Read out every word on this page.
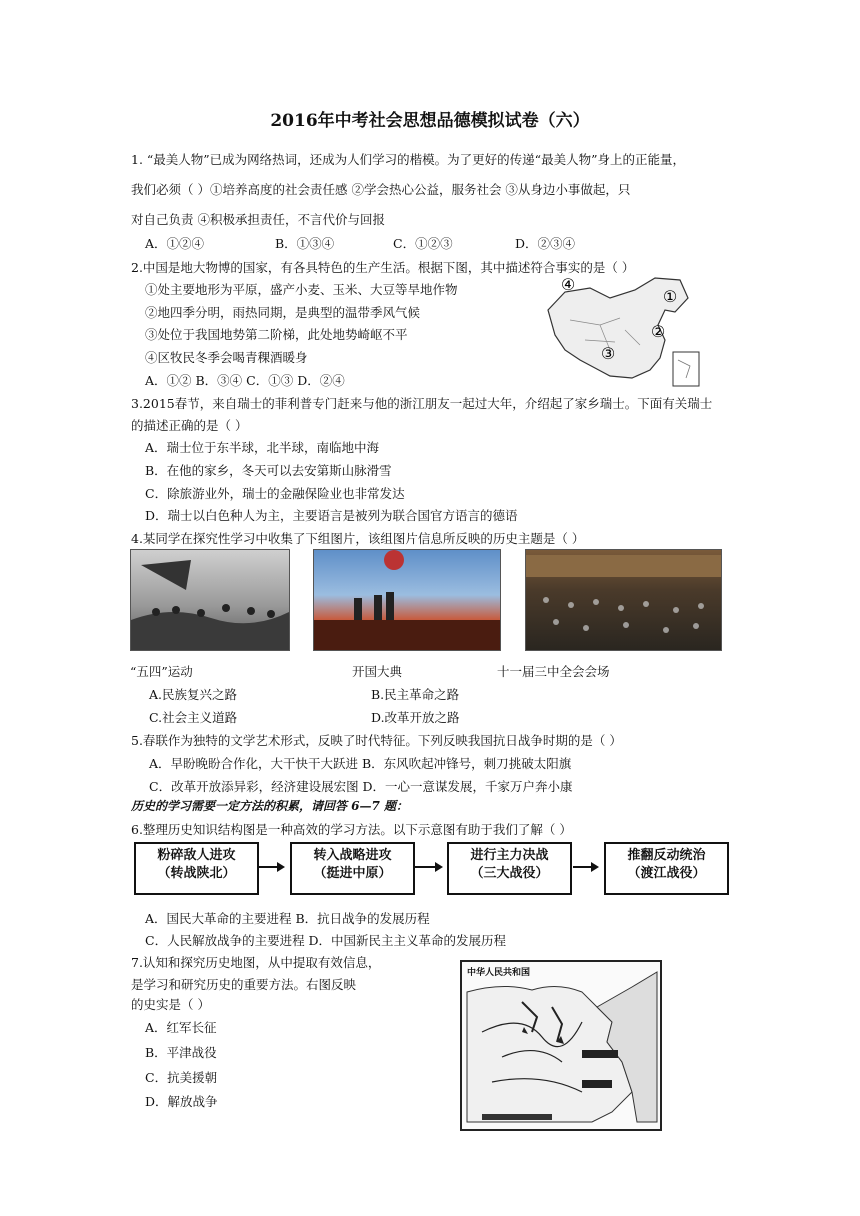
2016年中考社会思想品德模拟试卷（六）
1. “最美人物”已成为网络热词，还成为人们学习的楷模。为了更好的传递“最美人物”身上的正能量，
我们必须（ ）①培养高度的社会责任感 ②学会热心公益，服务社会 ③从身边小事做起，只
对自己负责 ④积极承担责任，不言代价与回报
A．①②④	B．①③④	C．①②③	D．②③④
2.中国是地大物博的国家，有各具特色的生产生活。根据下图，其中描述符合事实的是（ ）
①处主要地形为平原，盛产小麦、玉米、大豆等旱地作物
②地四季分明，雨热同期，是典型的温带季风气候
③处位于我国地势第二阶梯，此处地势崎岖不平
④区牧民冬季会喝青稞酒暖身
A．①② B．③④ C．①③ D．②④
④
①
②
③
3.2015春节，来自瑞士的菲利普专门赶来与他的浙江朋友一起过大年，介绍起了家乡瑞士。下面有关瑞士
的描述正确的是（ ）
A．瑞士位于东半球，北半球，南临地中海
B．在他的家乡，冬天可以去安第斯山脉滑雪
C．除旅游业外，瑞士的金融保险业也非常发达
D．瑞士以白色种人为主，主要语言是被列为联合国官方语言的德语
4.某同学在探究性学习中收集了下组图片，该组图片信息所反映的历史主题是（ ）
“五四”运动	开国大典	十一届三中全会会场
A.民族复兴之路	B.民主革命之路
C.社会主义道路	D.改革开放之路
5.春联作为独特的文学艺术形式，反映了时代特征。下列反映我国抗日战争时期的是（ ）
A．早盼晚盼合作化，大干快干大跃进 B．东风吹起冲锋号，刺刀挑破太阳旗
C．改革开放添异彩，经济建设展宏图 D．一心一意谋发展，千家万户奔小康
历史的学习需要一定方法的积累，请回答 6—7 题：
6.整理历史知识结构图是一种高效的学习方法。以下示意图有助于我们了解（ ）
粉碎敌人进攻
（转战陕北）
转入战略进攻
（挺进中原）
进行主力决战
（三大战役）
推翻反动统治
（渡江战役）
A．国民大革命的主要进程 B．抗日战争的发展历程
C．人民解放战争的主要进程 D．中国新民主主义革命的发展历程
7.认知和探究历史地图，从中提取有效信息，
是学习和研究历史的重要方法。右图反映
的史实是（ ）
A．红军长征
B．平津战役
C．抗美援朝
D．解放战争
中华人民共和国
